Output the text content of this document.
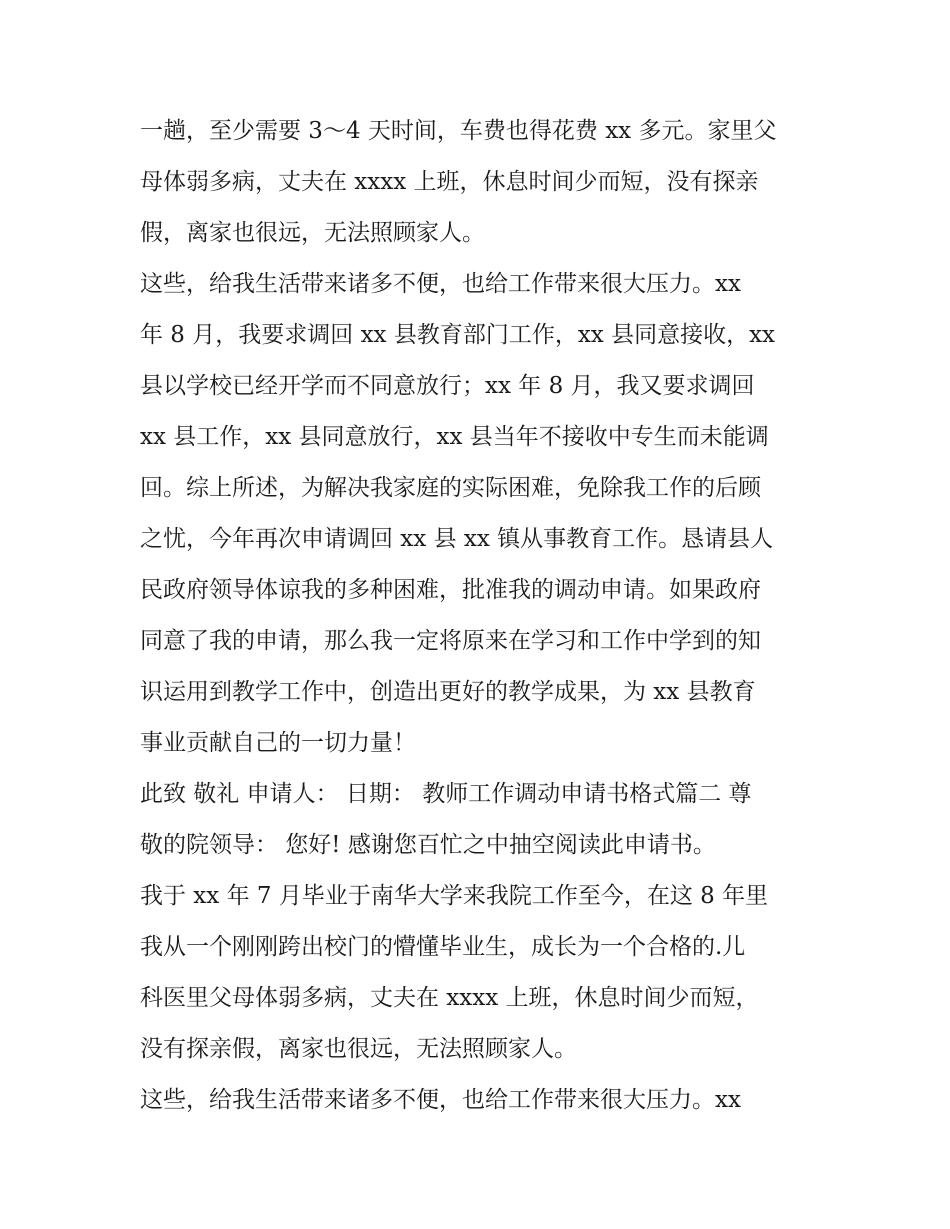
一趟，至少需要 3～4 天时间，车费也得花费 xx 多元。家里父
母体弱多病，丈夫在 xxxx 上班，休息时间少而短，没有探亲
假，离家也很远，无法照顾家人。
这些，给我生活带来诸多不便，也给工作带来很大压力。xx
年 8 月，我要求调回 xx 县教育部门工作，xx 县同意接收，xx
县以学校已经开学而不同意放行；xx 年 8 月，我又要求调回
xx 县工作，xx 县同意放行，xx 县当年不接收中专生而未能调
回。综上所述，为解决我家庭的实际困难，免除我工作的后顾
之忧，今年再次申请调回 xx 县 xx 镇从事教育工作。恳请县人
民政府领导体谅我的多种困难，批准我的调动申请。如果政府
同意了我的申请，那么我一定将原来在学习和工作中学到的知
识运用到教学工作中，创造出更好的教学成果，为 xx 县教育
事业贡献自己的一切力量！
此致 敬礼 申请人： 日期： 教师工作调动申请书格式篇二 尊
敬的院领导： 您好! 感谢您百忙之中抽空阅读此申请书。
我于 xx 年 7 月毕业于南华大学来我院工作至今，在这 8 年里
我从一个刚刚跨出校门的懵懂毕业生，成长为一个合格的.儿
科医里父母体弱多病，丈夫在 xxxx 上班，休息时间少而短，
没有探亲假，离家也很远，无法照顾家人。
这些，给我生活带来诸多不便，也给工作带来很大压力。xx
